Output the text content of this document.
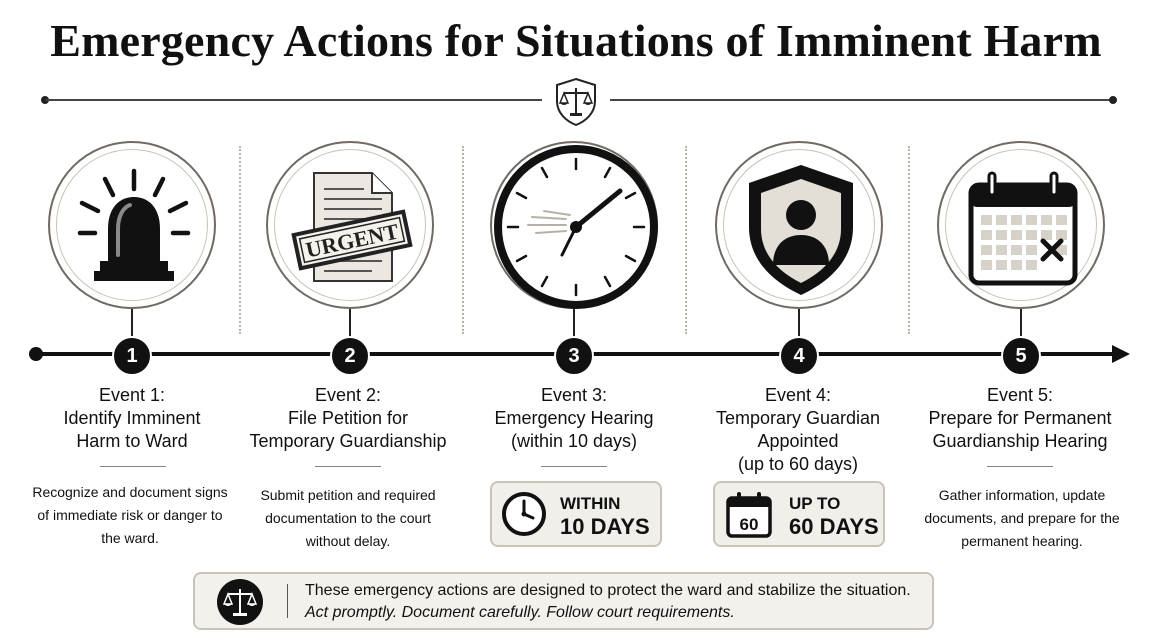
Emergency Actions for Situations of Imminent Harm
URGENT
1	2	3	4	5
Event 1:
Identify Imminent
Harm to Ward
Event 2:
File Petition for
Temporary Guardianship
Event 3:
Emergency Hearing
(within 10 days)
Event 4:
Temporary Guardian
Appointed
(up to 60 days)
Event 5:
Prepare for Permanent
Guardianship Hearing
Recognize and document signs of immediate risk or danger to the ward.
Submit petition and required documentation to the court without delay.
Gather information, update documents, and prepare for the permanent hearing.
WITHIN
10 DAYS	60
UP TO
60 DAYS
These emergency actions are designed to protect the ward and stabilize the situation.
Act promptly. Document carefully. Follow court requirements.
